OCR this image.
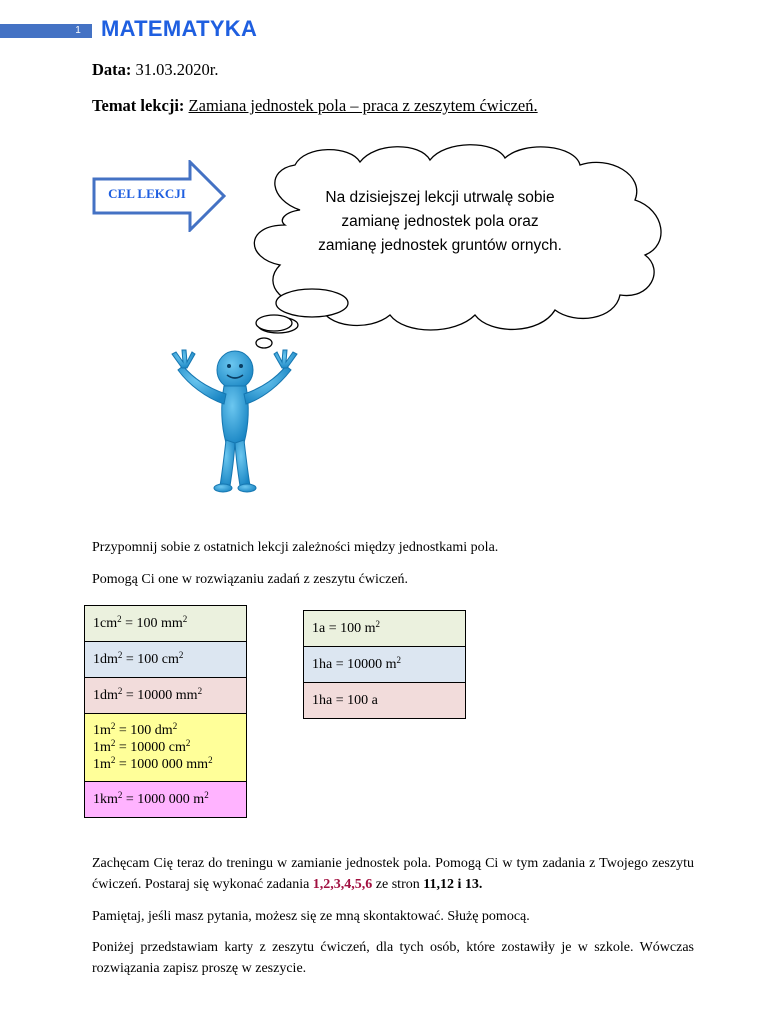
1 MATEMATYKA
Data: 31.03.2020r.
Temat lekcji: Zamiana jednostek pola – praca z zeszytem ćwiczeń.
CEL LEKCJI	Na dzisiejszej lekcji utrwalę sobie
zamianę jednostek pola oraz
zamianę jednostek gruntów ornych.
Przypomnij sobie z ostatnich lekcji zależności między jednostkami pola.
Pomogą Ci one w rozwiązaniu zadań z zeszytu ćwiczeń.
$1cm^2 = 100$ $mm^2$

$1dm^2 = 100$ $cm^2$

$1dm^2 = 10000$ $mm^2$

$1m^2 = 100$ $dm^2$
$1m^2 = 10000$ $cm^2$
$1m^2 = 1000$ 000 $mm^2$

$1km^2 = 1000$ 000 $m^2$
1a = 100 $m^2$
1ha = 10000 $m^2$
1ha = 100 a
Zachęcam Cię teraz do treningu w zamianie jednostek pola. Pomogą Ci w tym zadania z Twojego zeszytu ćwiczeń. Postaraj się wykonać zadania 1,2,3,4,5,6 ze stron 11,12 i 13.
Pamiętaj, jeśli masz pytania, możesz się ze mną skontaktować. Służę pomocą.
Poniżej przedstawiam karty z zeszytu ćwiczeń, dla tych osób, które zostawiły je w szkole. Wówczas rozwiązania zapisz proszę w zeszycie.
